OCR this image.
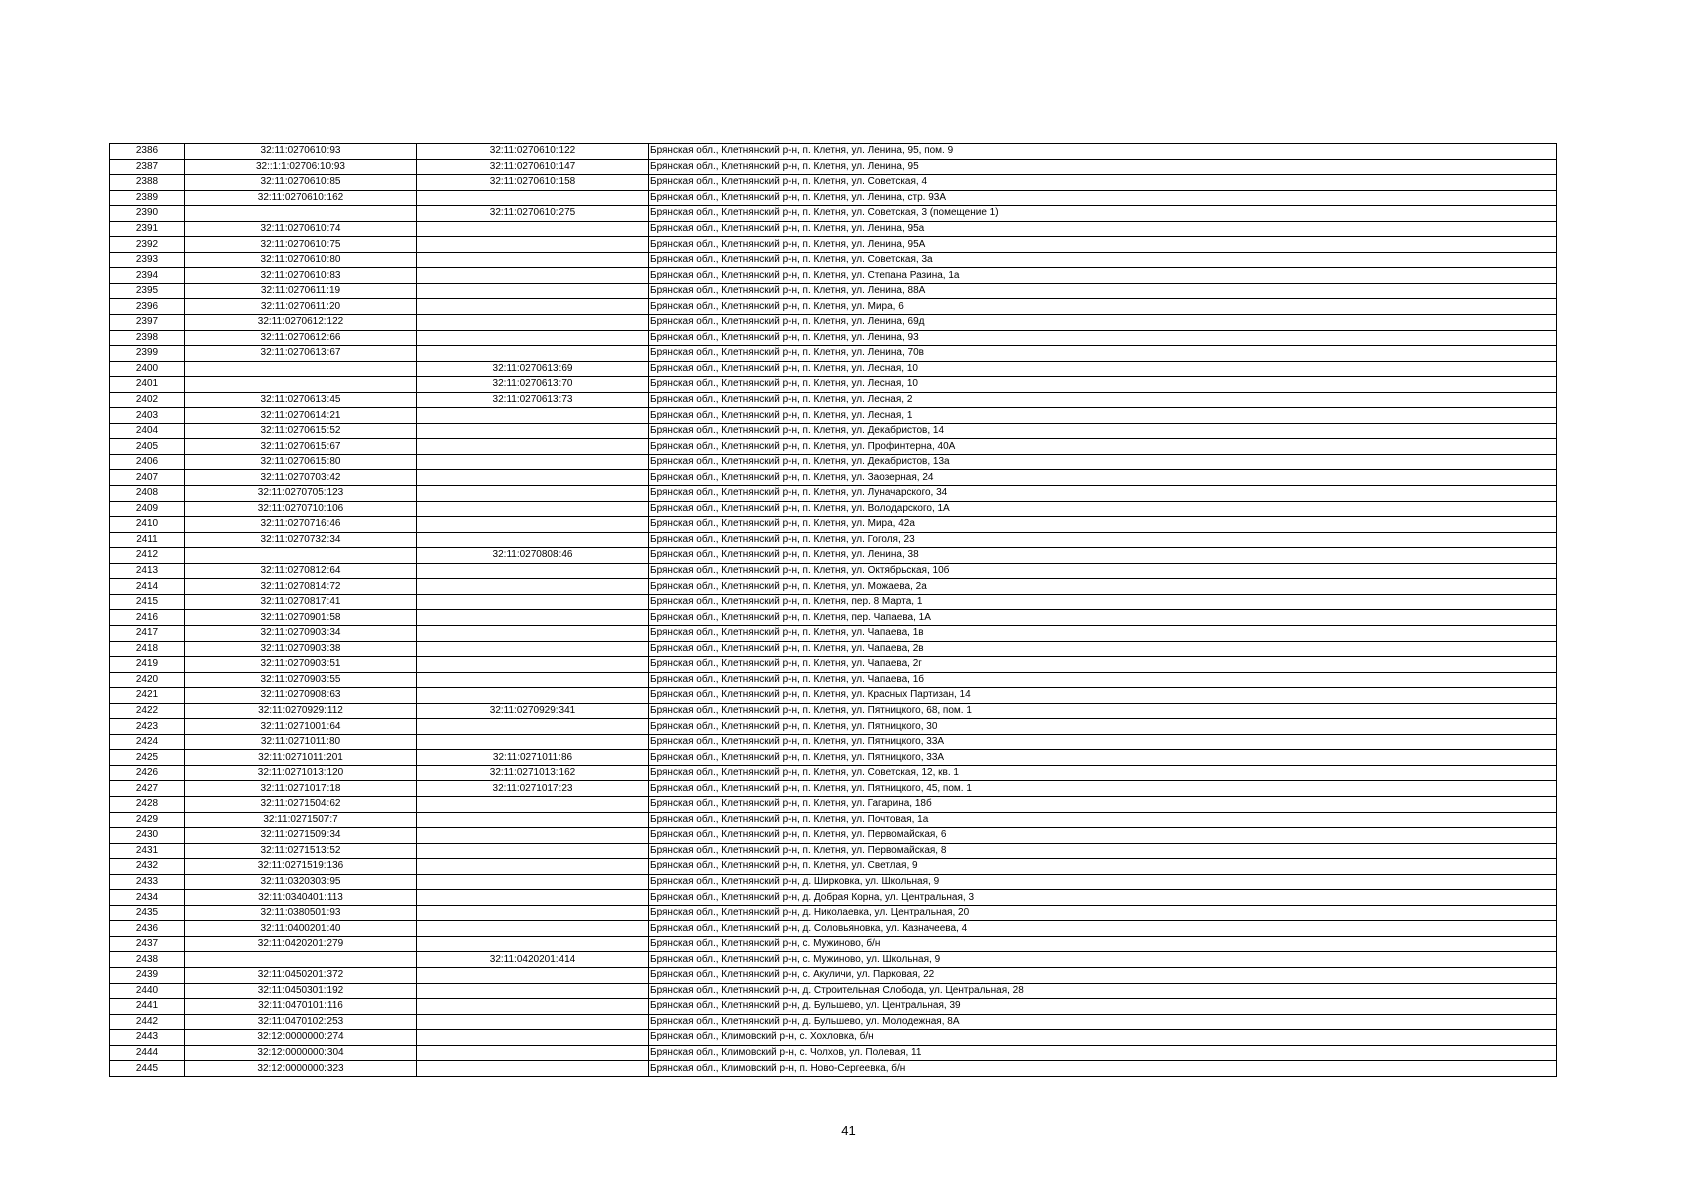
2386	32:11:0270610:93	32:11:0270610:122	Брянская обл., Клетнянский р-н, п. Клетня, ул. Ленина, 95, пом. 9
2387	32::1:1:02706:10:93	32:11:0270610:147	Брянская обл., Клетнянский р-н, п. Клетня, ул. Ленина, 95
2388	32:11:0270610:85	32:11:0270610:158	Брянская обл., Клетнянский р-н, п. Клетня, ул. Советская, 4
2389	32:11:0270610:162		Брянская обл., Клетнянский р-н, п. Клетня, ул. Ленина, стр. 93А
2390		32:11:0270610:275	Брянская обл., Клетнянский р-н, п. Клетня, ул. Советская, 3 (помещение 1)
2391	32:11:0270610:74		Брянская обл., Клетнянский р-н, п. Клетня, ул. Ленина, 95а
2392	32:11:0270610:75		Брянская обл., Клетнянский р-н, п. Клетня, ул. Ленина, 95А
2393	32:11:0270610:80		Брянская обл., Клетнянский р-н, п. Клетня, ул. Советская, 3а
2394	32:11:0270610:83		Брянская обл., Клетнянский р-н, п. Клетня, ул. Степана Разина, 1а
2395	32:11:0270611:19		Брянская обл., Клетнянский р-н, п. Клетня, ул. Ленина, 88А
2396	32:11:0270611:20		Брянская обл., Клетнянский р-н, п. Клетня, ул. Мира, 6
2397	32:11:0270612:122		Брянская обл., Клетнянский р-н, п. Клетня, ул. Ленина, 69д
2398	32:11:0270612:66		Брянская обл., Клетнянский р-н, п. Клетня, ул. Ленина, 93
2399	32:11:0270613:67		Брянская обл., Клетнянский р-н, п. Клетня, ул. Ленина, 70в
2400		32:11:0270613:69	Брянская обл., Клетнянский р-н, п. Клетня, ул. Лесная, 10
2401		32:11:0270613:70	Брянская обл., Клетнянский р-н, п. Клетня, ул. Лесная, 10
2402	32:11:0270613:45	32:11:0270613:73	Брянская обл., Клетнянский р-н, п. Клетня, ул. Лесная, 2
2403	32:11:0270614:21		Брянская обл., Клетнянский р-н, п. Клетня, ул. Лесная, 1
2404	32:11:0270615:52		Брянская обл., Клетнянский р-н, п. Клетня, ул. Декабристов, 14
2405	32:11:0270615:67		Брянская обл., Клетнянский р-н, п. Клетня, ул. Профинтерна, 40А
2406	32:11:0270615:80		Брянская обл., Клетнянский р-н, п. Клетня, ул. Декабристов, 13а
2407	32:11:0270703:42		Брянская обл., Клетнянский р-н, п. Клетня, ул. Заозерная, 24
2408	32:11:0270705:123		Брянская обл., Клетнянский р-н, п. Клетня, ул. Луначарского, 34
2409	32:11:0270710:106		Брянская обл., Клетнянский р-н, п. Клетня, ул. Володарского, 1А
2410	32:11:0270716:46		Брянская обл., Клетнянский р-н, п. Клетня, ул. Мира, 42а
2411	32:11:0270732:34		Брянская обл., Клетнянский р-н, п. Клетня, ул. Гоголя, 23
2412		32:11:0270808:46	Брянская обл., Клетнянский р-н, п. Клетня, ул. Ленина, 38
2413	32:11:0270812:64		Брянская обл., Клетнянский р-н, п. Клетня, ул. Октябрьская, 10б
2414	32:11:0270814:72		Брянская обл., Клетнянский р-н, п. Клетня, ул. Можаева, 2а
2415	32:11:0270817:41		Брянская обл., Клетнянский р-н, п. Клетня, пер. 8 Марта, 1
2416	32:11:0270901:58		Брянская обл., Клетнянский р-н, п. Клетня, пер. Чапаева, 1А
2417	32:11:0270903:34		Брянская обл., Клетнянский р-н, п. Клетня, ул. Чапаева, 1в
2418	32:11:0270903:38		Брянская обл., Клетнянский р-н, п. Клетня, ул. Чапаева, 2в
2419	32:11:0270903:51		Брянская обл., Клетнянский р-н, п. Клетня, ул. Чапаева, 2г
2420	32:11:0270903:55		Брянская обл., Клетнянский р-н, п. Клетня, ул. Чапаева, 1б
2421	32:11:0270908:63		Брянская обл., Клетнянский р-н, п. Клетня, ул. Красных Партизан, 14
2422	32:11:0270929:112	32:11:0270929:341	Брянская обл., Клетнянский р-н, п. Клетня, ул. Пятницкого, 68, пом. 1
2423	32:11:0271001:64		Брянская обл., Клетнянский р-н, п. Клетня, ул. Пятницкого, 30
2424	32:11:0271011:80		Брянская обл., Клетнянский р-н, п. Клетня, ул. Пятницкого, 33А
2425	32:11:0271011:201	32:11:0271011:86	Брянская обл., Клетнянский р-н, п. Клетня, ул. Пятницкого, 33А
2426	32:11:0271013:120	32:11:0271013:162	Брянская обл., Клетнянский р-н, п. Клетня, ул. Советская, 12, кв. 1
2427	32:11:0271017:18	32:11:0271017:23	Брянская обл., Клетнянский р-н, п. Клетня, ул. Пятницкого, 45, пом. 1
2428	32:11:0271504:62		Брянская обл., Клетнянский р-н, п. Клетня, ул. Гагарина, 18б
2429	32:11:0271507:7		Брянская обл., Клетнянский р-н, п. Клетня, ул. Почтовая, 1а
2430	32:11:0271509:34		Брянская обл., Клетнянский р-н, п. Клетня, ул. Первомайская, 6
2431	32:11:0271513:52		Брянская обл., Клетнянский р-н, п. Клетня, ул. Первомайская, 8
2432	32:11:0271519:136		Брянская обл., Клетнянский р-н, п. Клетня, ул. Светлая, 9
2433	32:11:0320303:95		Брянская обл., Клетнянский р-н, д. Ширковка, ул. Школьная, 9
2434	32:11:0340401:113		Брянская обл., Клетнянский р-н, д. Добрая Корна, ул. Центральная, 3
2435	32:11:0380501:93		Брянская обл., Клетнянский р-н, д. Николаевка, ул. Центральная, 20
2436	32:11:0400201:40		Брянская обл., Клетнянский р-н, д. Соловьяновка, ул. Казначеева, 4
2437	32:11:0420201:279		Брянская обл., Клетнянский р-н, с. Мужиново, б/н
2438		32:11:0420201:414	Брянская обл., Клетнянский р-н, с. Мужиново, ул. Школьная, 9
2439	32:11:0450201:372		Брянская обл., Клетнянский р-н, с. Акуличи, ул. Парковая, 22
2440	32:11:0450301:192		Брянская обл., Клетнянский р-н, д. Строительная Слобода, ул. Центральная, 28
2441	32:11:0470101:116		Брянская обл., Клетнянский р-н, д. Бульшево, ул. Центральная, 39
2442	32:11:0470102:253		Брянская обл., Клетнянский р-н, д. Бульшево, ул. Молодежная, 8А
2443	32:12:0000000:274		Брянская обл., Климовский р-н, с. Хохловка, б/н
2444	32:12:0000000:304		Брянская обл., Климовский р-н, с. Чолхов, ул. Полевая, 11
2445	32:12:0000000:323		Брянская обл., Климовский р-н, п. Ново-Сергеевка, б/н
41
